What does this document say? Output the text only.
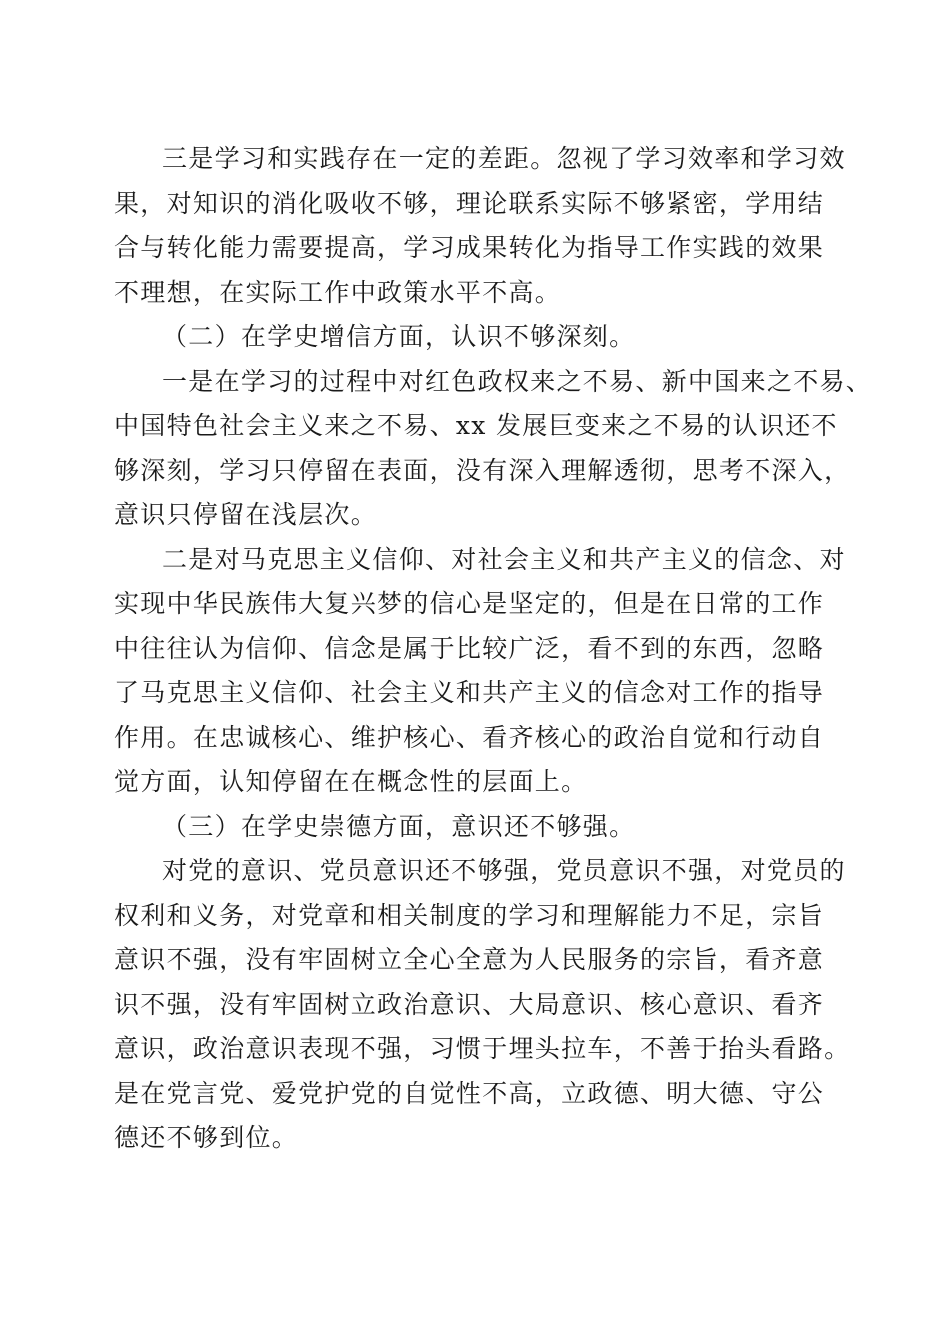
三是学习和实践存在一定的差距。忽视了学习效率和学习效
果，对知识的消化吸收不够，理论联系实际不够紧密，学用结
合与转化能力需要提高，学习成果转化为指导工作实践的效果
不理想，在实际工作中政策水平不高。
（二）在学史增信方面，认识不够深刻。
一是在学习的过程中对红色政权来之不易、新中国来之不易、
中国特色社会主义来之不易、xx 发展巨变来之不易的认识还不
够深刻，学习只停留在表面，没有深入理解透彻，思考不深入，
意识只停留在浅层次。
二是对马克思主义信仰、对社会主义和共产主义的信念、对
实现中华民族伟大复兴梦的信心是坚定的，但是在日常的工作
中往往认为信仰、信念是属于比较广泛，看不到的东西，忽略
了马克思主义信仰、社会主义和共产主义的信念对工作的指导
作用。在忠诚核心、维护核心、看齐核心的政治自觉和行动自
觉方面，认知停留在在概念性的层面上。
（三）在学史崇德方面，意识还不够强。
对党的意识、党员意识还不够强，党员意识不强，对党员的
权利和义务，对党章和相关制度的学习和理解能力不足，宗旨
意识不强，没有牢固树立全心全意为人民服务的宗旨，看齐意
识不强，没有牢固树立政治意识、大局意识、核心意识、看齐
意识，政治意识表现不强，习惯于埋头拉车，不善于抬头看路。
是在党言党、爱党护党的自觉性不高，立政德、明大德、守公
德还不够到位。
